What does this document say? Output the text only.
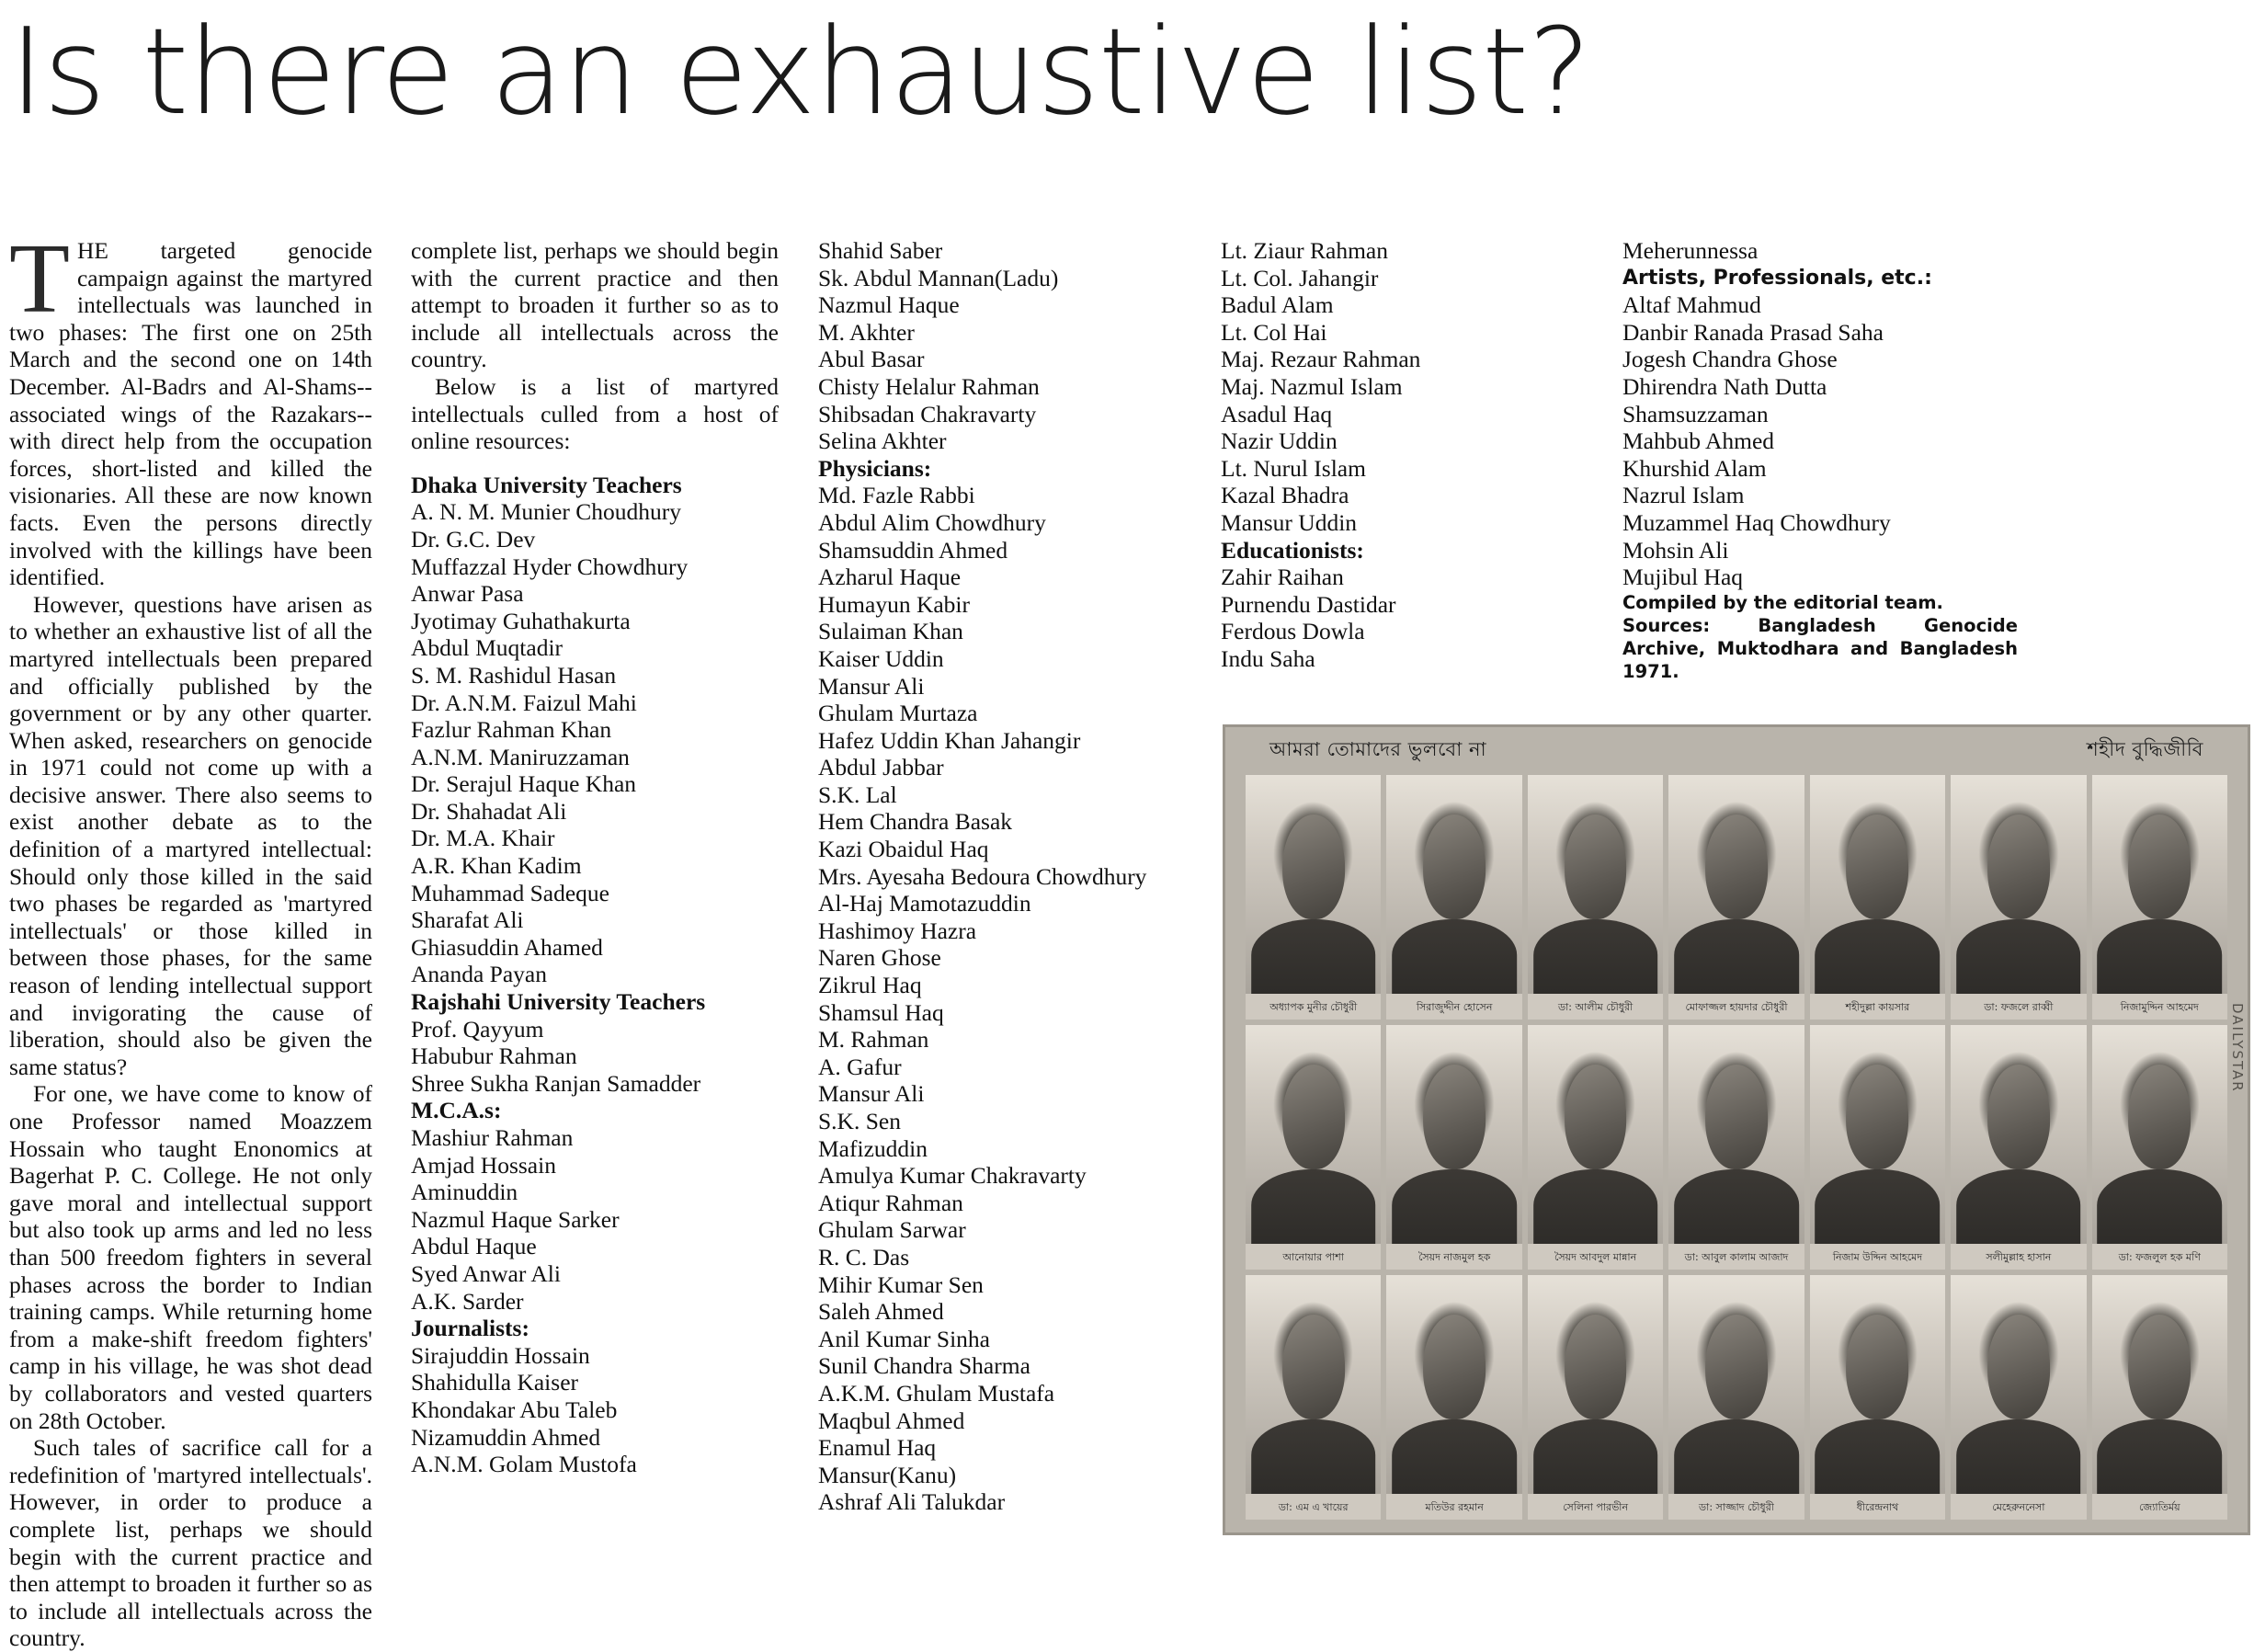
Is there an exhaustive list?

T HE targeted genocide campaign against the martyred intellectuals was launched in two phases: The first one on 25th March and the second one on 14th December. Al-Badrs and Al-Shams--associated wings of the Razakars--with direct help from the occupation forces, short-listed and killed the visionaries. All these are now known facts. Even the persons directly involved with the killings have been identified.

However, questions have arisen as to whether an exhaustive list of all the martyred intellectuals been prepared and officially published by the government or by any other quarter. When asked, researchers on genocide in 1971 could not come up with a decisive answer. There also seems to exist another debate as to the definition of a martyred intellectual: Should only those killed in the said two phases be regarded as 'martyred intellectuals' or those killed in between those phases, for the same reason of lending intellectual support and invigorating the cause of liberation, should also be given the same status?

For one, we have come to know of one Professor named Moazzem Hossain who taught Enonomics at Bagerhat P. C. College. He not only gave moral and intellectual support but also took up arms and led no less than 500 freedom fighters in several phases across the border to Indian training camps. While returning home from a make-shift freedom fighters' camp in his village, he was shot dead by collaborators and vested quarters on 28th October.

Such tales of sacrifice call for a redefinition of 'martyred intellectuals'. However, in order to produce a complete list, perhaps we should begin with the current practice and then attempt to broaden it further so as to include all intellectuals across the country.

complete list, perhaps we should begin with the current practice and then attempt to broaden it further so as to include all intellectuals across the country.

Below is a list of martyred intellectuals culled from a host of online resources:

Dhaka University Teachers

A. N. M. Munier Choudhury

Dr. G.C. Dev

Muffazzal Hyder Chowdhury

Anwar Pasa

Jyotimay Guhathakurta

Abdul Muqtadir

S. M. Rashidul Hasan

Dr. A.N.M. Faizul Mahi

Fazlur Rahman Khan

A.N.M. Maniruzzaman

Dr. Serajul Haque Khan

Dr. Shahadat Ali

Dr. M.A. Khair

A.R. Khan Kadim

Muhammad Sadeque

Sharafat Ali

Ghiasuddin Ahamed

Ananda Payan

Rajshahi University Teachers

Prof. Qayyum

Habubur Rahman

Shree Sukha Ranjan Samadder

M.C.A.s:

Mashiur Rahman

Amjad Hossain

Aminuddin

Nazmul Haque Sarker

Abdul Haque

Syed Anwar Ali

A.K. Sarder

Journalists:

Sirajuddin Hossain

Shahidulla Kaiser

Khondakar Abu Taleb

Nizamuddin Ahmed

A.N.M. Golam Mustofa

Shahid Saber

Sk. Abdul Mannan(Ladu)

Nazmul Haque

M. Akhter

Abul Basar

Chisty Helalur Rahman

Shibsadan Chakravarty

Selina Akhter

Physicians:

Md. Fazle Rabbi

Abdul Alim Chowdhury

Shamsuddin Ahmed

Azharul Haque

Humayun Kabir

Sulaiman Khan

Kaiser Uddin

Mansur Ali

Ghulam Murtaza

Hafez Uddin Khan Jahangir

Abdul Jabbar

S.K. Lal

Hem Chandra Basak

Kazi Obaidul Haq

Mrs. Ayesaha Bedoura Chowdhury

Al-Haj Mamotazuddin

Hashimoy Hazra

Naren Ghose

Zikrul Haq

Shamsul Haq

M. Rahman

A. Gafur

Mansur Ali

S.K. Sen

Mafizuddin

Amulya Kumar Chakravarty

Atiqur Rahman

Ghulam Sarwar

R. C. Das

Mihir Kumar Sen

Saleh Ahmed

Anil Kumar Sinha

Sunil Chandra Sharma

A.K.M. Ghulam Mustafa

Maqbul Ahmed

Enamul Haq

Mansur(Kanu)

Ashraf Ali Talukdar

Lt. Ziaur Rahman

Lt. Col. Jahangir

Badul Alam

Lt. Col Hai

Maj. Rezaur Rahman

Maj. Nazmul Islam

Asadul Haq

Nazir Uddin

Lt. Nurul Islam

Kazal Bhadra

Mansur Uddin

Educationists:

Zahir Raihan

Purnendu Dastidar

Ferdous Dowla

Indu Saha

Meherunnessa

Artists, Professionals, etc.:

Altaf Mahmud

Danbir Ranada Prasad Saha

Jogesh Chandra Ghose

Dhirendra Nath Dutta

Shamsuzzaman

Mahbub Ahmed

Khurshid Alam

Nazrul Islam

Muzammel Haq Chowdhury

Mohsin Ali

Mujibul Haq

Compiled by the editorial team.

Sources: Bangladesh Genocide Archive, Muktodhara and Bangladesh 1971.

আমরা তোমাদের ভুলবো না	শহীদ বুদ্ধিজীবি
অধ্যাপক মুনীর চৌধুরী	সিরাজুদ্দীন হোসেন	ডা: আলীম চৌধুরী	মোফাজ্জল হায়দার চৌধুরী	শহীদুল্লা কায়সার	ডা: ফজলে রাব্বী	নিজামুদ্দিন আহমেদ
আনোয়ার পাশা	সৈয়দ নাজমুল হক	সৈয়দ আবদুল মান্নান	ডা: আবুল কালাম আজাদ	নিজাম উদ্দিন আহমেদ	সলীমুল্লাহ হাসান	ডা: ফজলুল হক মণি
ডা: এম এ খায়ের	মতিউর রহমান	সেলিনা পারভীন	ডা: সাজ্জাদ চৌধুরী	ধীরেন্দ্রনাথ	মেহেরুননেসা	জ্যোতির্ময়
DAILYSTAR
